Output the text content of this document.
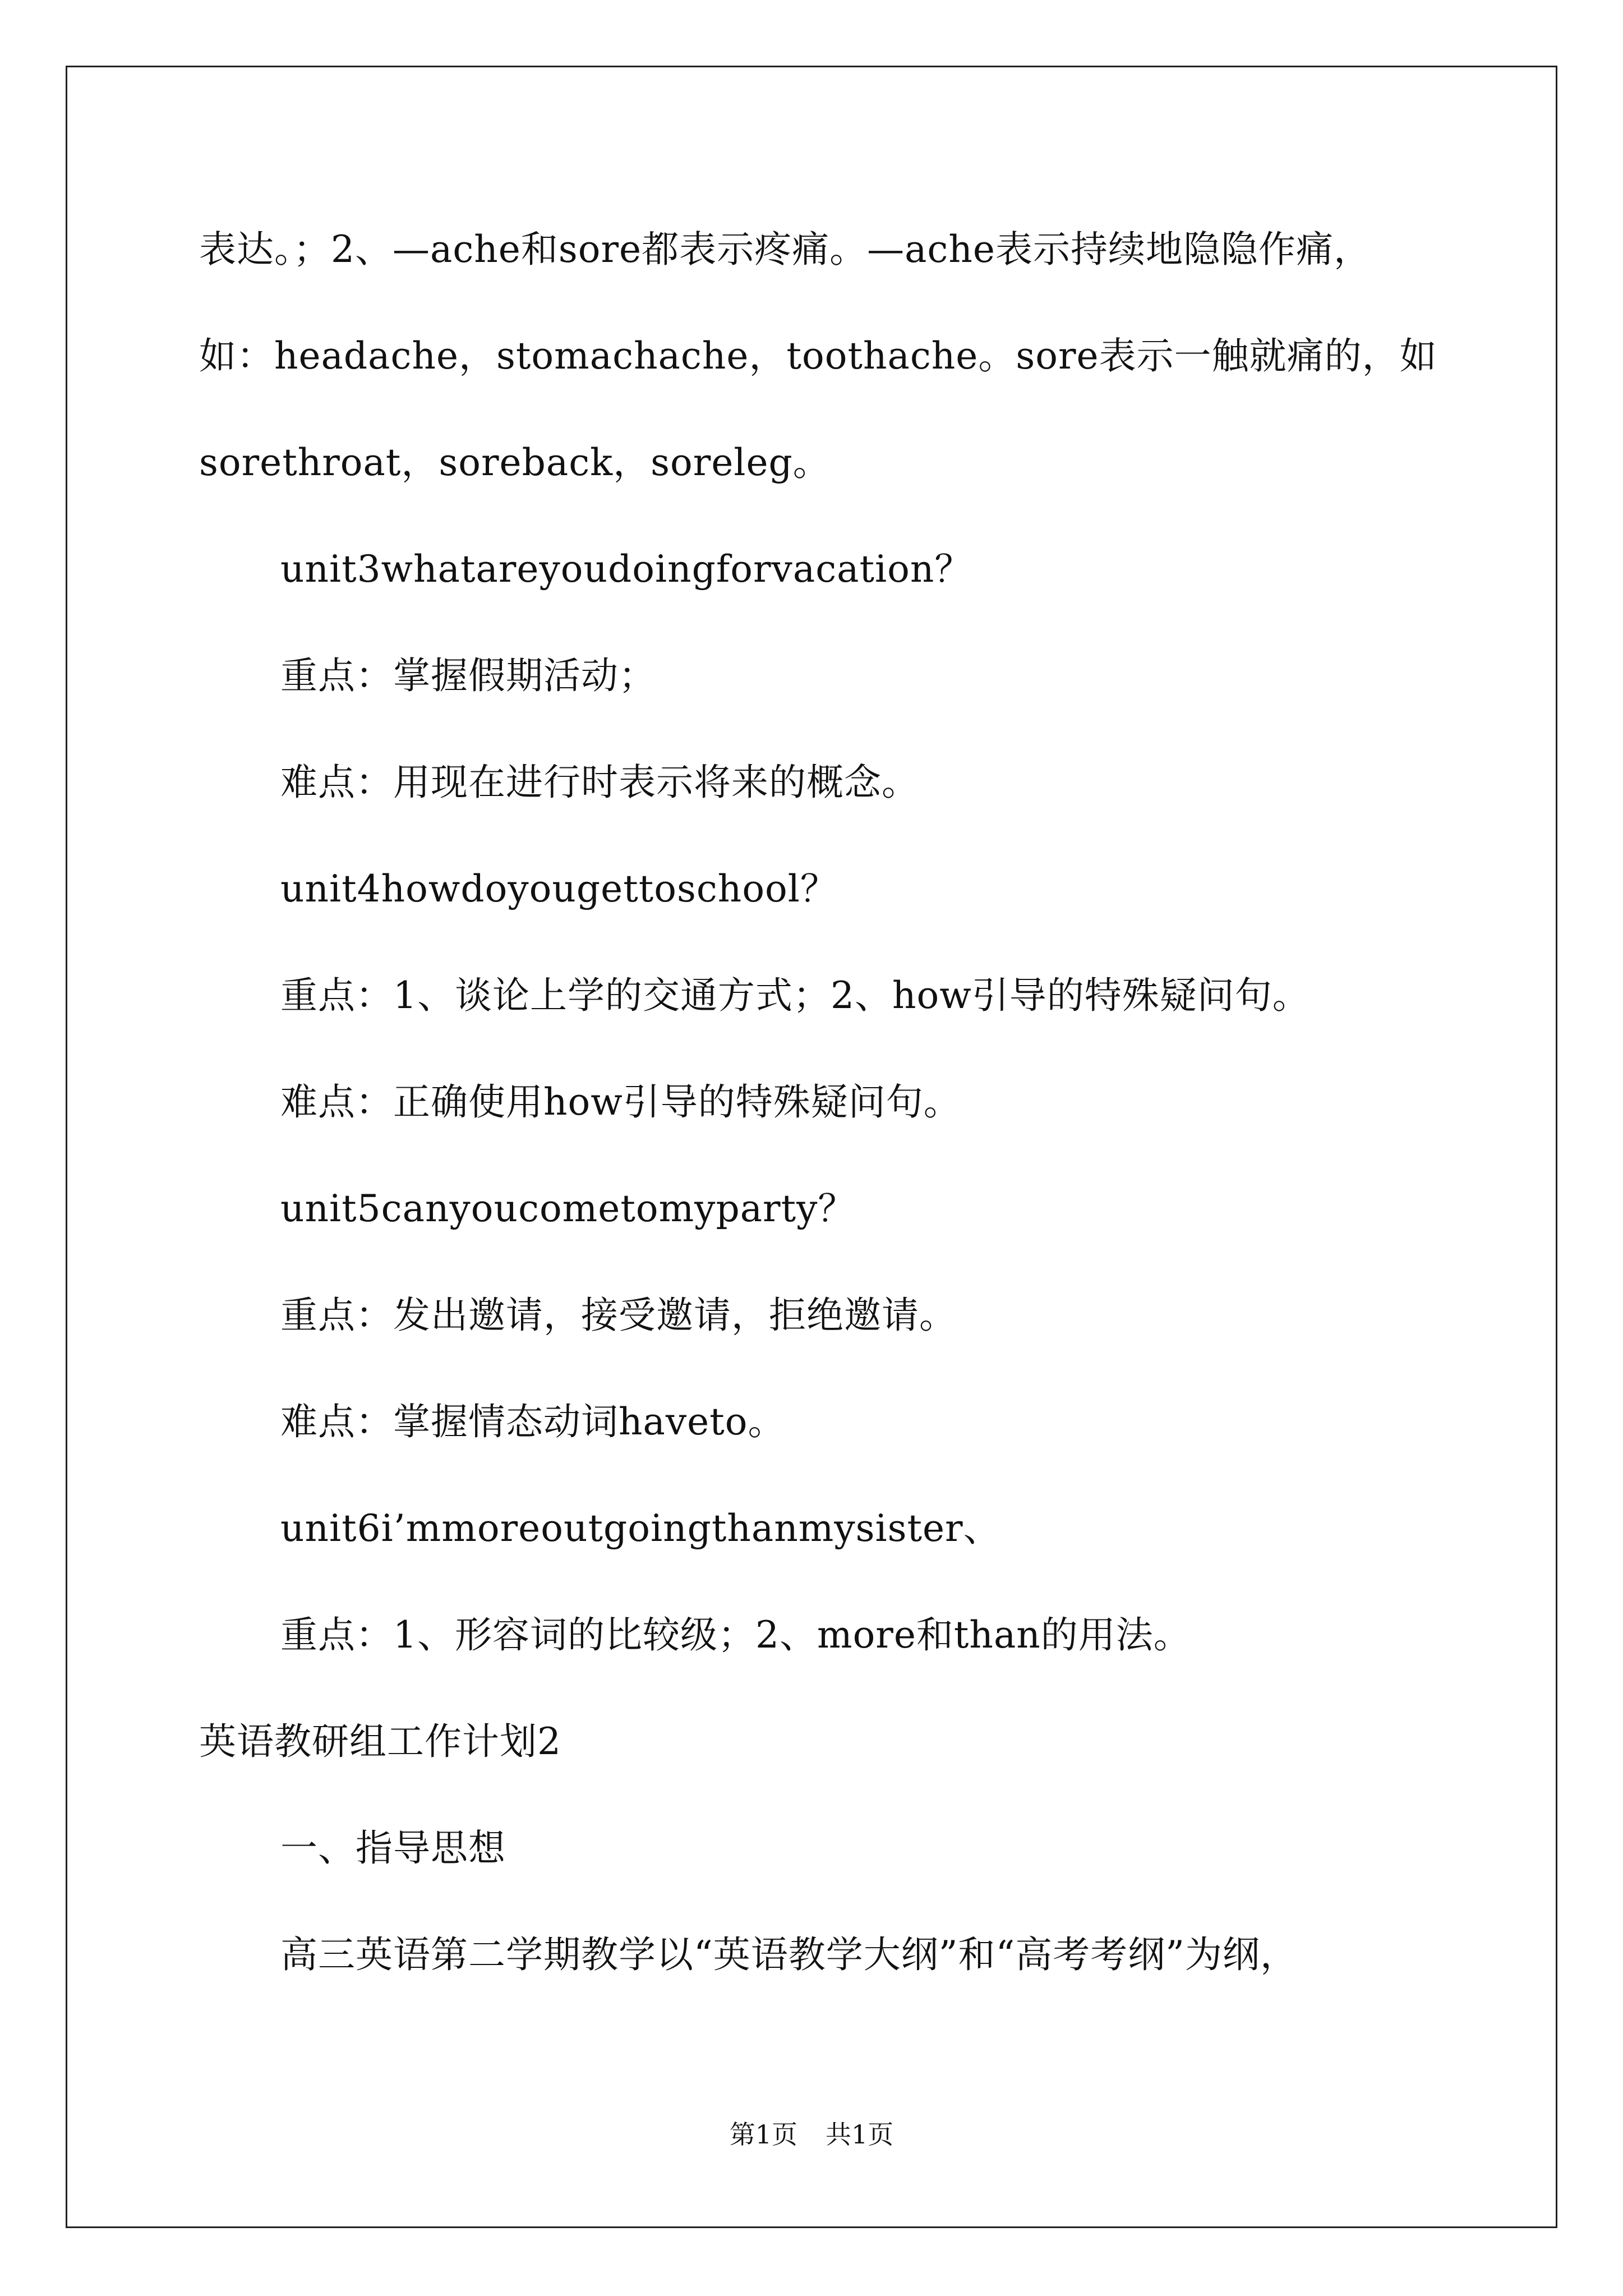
表达。；2、—ache和sore都表示疼痛。—ache表示持续地隐隐作痛，
如：headache，stomachache，toothache。sore表示一触就痛的，如
sorethroat，soreback，soreleg。
unit3whatareyoudoingforvacation？
重点：掌握假期活动；
难点：用现在进行时表示将来的概念。
unit4howdoyougettoschool？
重点：1、谈论上学的交通方式；2、how引导的特殊疑问句。
难点：正确使用how引导的特殊疑问句。
unit5canyoucometomyparty？
重点：发出邀请，接受邀请，拒绝邀请。
难点：掌握情态动词haveto。
unit6i’mmoreoutgoingthanmysister、
重点：1、形容词的比较级；2、more和than的用法。
英语教研组工作计划2
一、指导思想
高三英语第二学期教学以“英语教学大纲”和“高考考纲”为纲，
第1页 共1页
